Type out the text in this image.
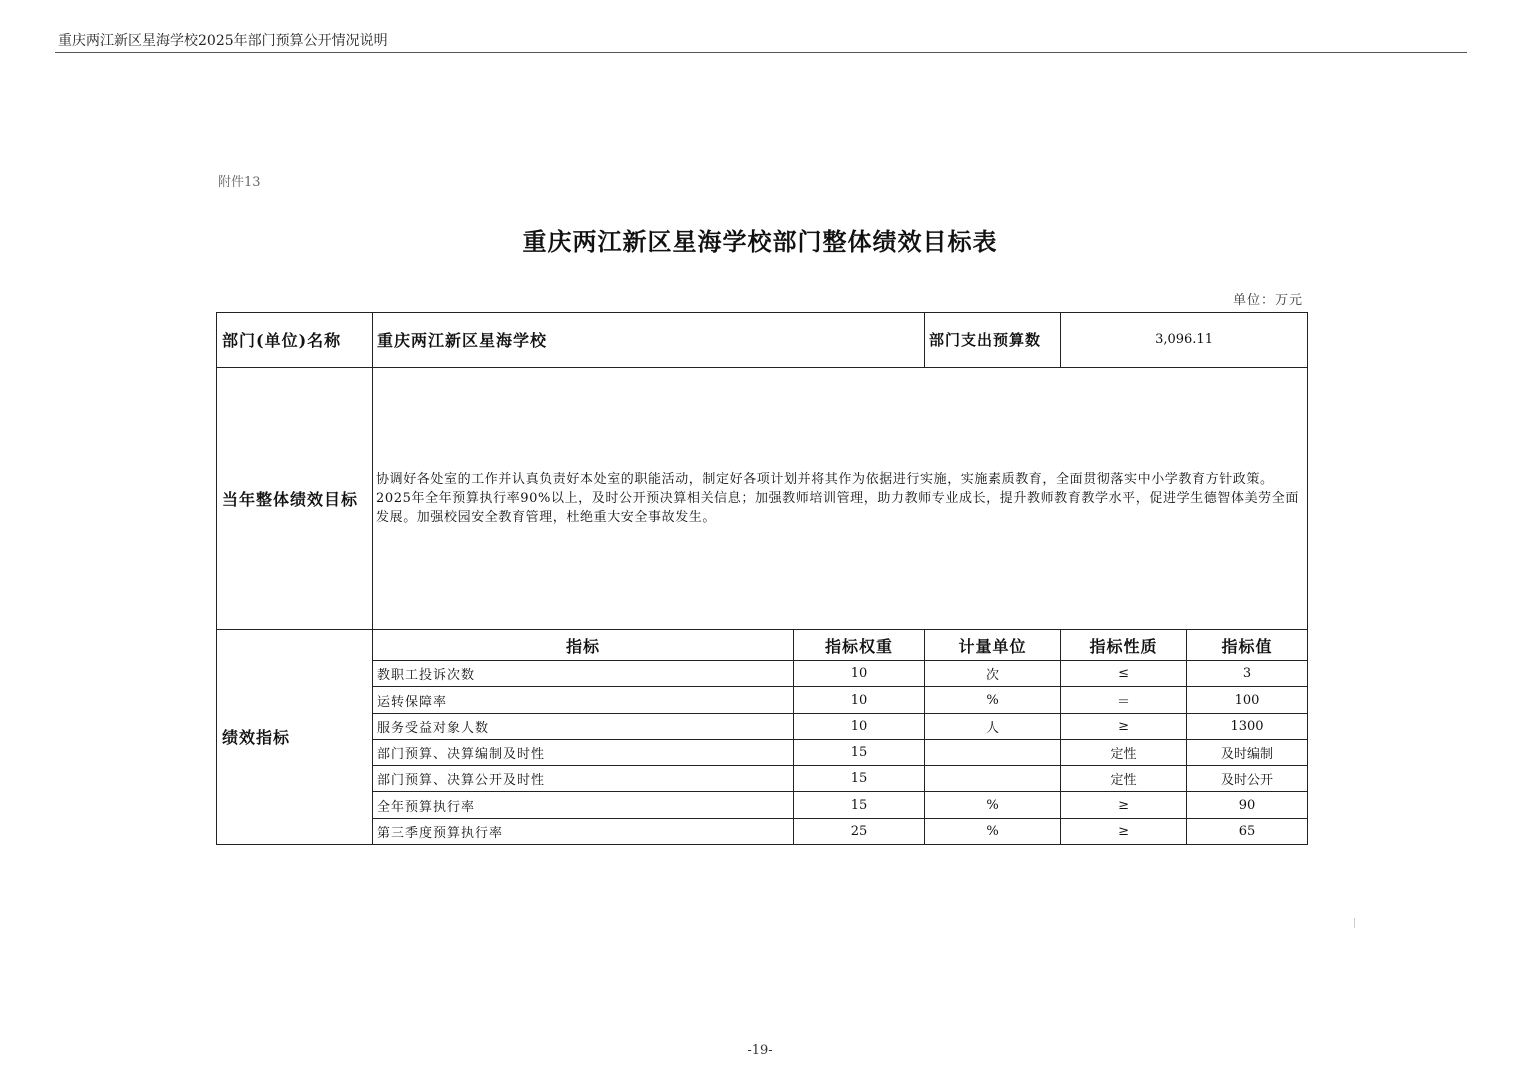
重庆两江新区星海学校2025年部门预算公开情况说明
附件13
重庆两江新区星海学校部门整体绩效目标表
单位：万元
部门(单位)名称	重庆两江新区星海学校		部门支出预算数	3,096.11	
当年整体绩效目标	协调好各处室的工作并认真负责好本处室的职能活动，制定好各项计划并将其作为依据进行实施，实施素质教育，全面贯彻落实中小学教育方针政策。2025年全年预算执行率90%以上，及时公开预决算相关信息；加强教师培训管理，助力教师专业成长，提升教师教育教学水平，促进学生德智体美劳全面发展。加强校园安全教育管理，杜绝重大安全事故发生。				
绩效指标	指标	指标权重	计量单位	指标性质	指标值
	教职工投诉次数	10	次	≤	3
	运转保障率	10	%	＝	100
	服务受益对象人数	10	人	≥	1300
	部门预算、决算编制及时性	15		定性	及时编制
	部门预算、决算公开及时性	15		定性	及时公开
	全年预算执行率	15	%	≥	90
	第三季度预算执行率	25	%	≥	65
-19-
